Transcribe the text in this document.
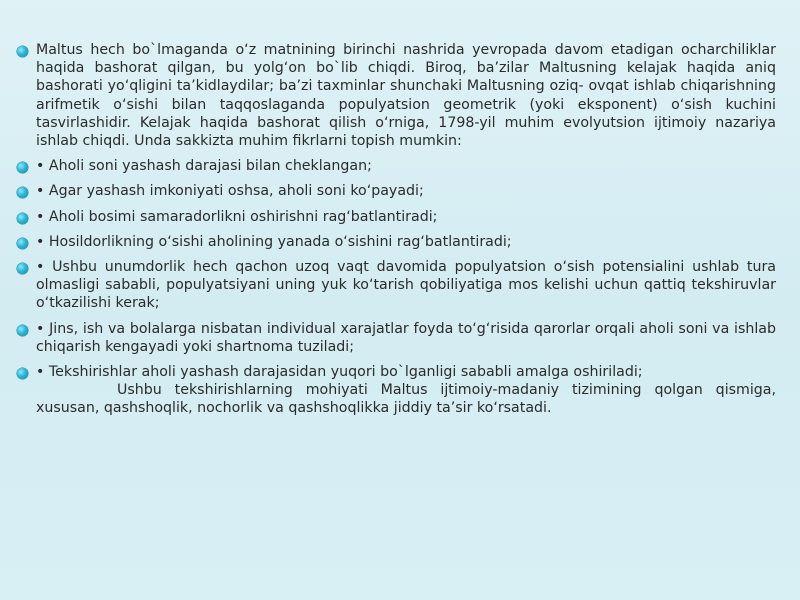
Maltus hech bo`lmaganda o‘z matnining birinchi nashrida yevropada davom etadigan ocharchiliklar haqida bashorat qilgan, bu yolg‘on bo`lib chiqdi. Biroq, ba’zilar Maltusning kelajak haqida aniq bashorati yo‘qligini ta’kidlaydilar; ba’zi taxminlar shunchaki Maltusning oziq- ovqat ishlab chiqarishning arifmetik o‘sishi bilan taqqoslaganda populyatsion geometrik (yoki eksponent) o‘sish kuchini tasvirlashidir. Kelajak haqida bashorat qilish o‘rniga, 1798-yil muhim evolyutsion ijtimoiy nazariya ishlab chiqdi. Unda sakkizta muhim fikrlarni topish mumkin:

• Aholi soni yashash darajasi bilan cheklangan;

• Agar yashash imkoniyati oshsa, aholi soni ko‘payadi;

• Aholi bosimi samaradorlikni oshirishni rag‘batlantiradi;

• Hosildorlikning o‘sishi aholining yanada o‘sishini rag‘batlantiradi;

• Ushbu unumdorlik hech qachon uzoq vaqt davomida populyatsion o‘sish potensialini ushlab tura olmasligi sababli, populyatsiyani uning yuk ko‘tarish qobiliyatiga mos kelishi uchun qattiq tekshiruvlar o‘tkazilishi kerak;

• Jins, ish va bolalarga nisbatan individual xarajatlar foyda to‘g‘risida qarorlar orqali aholi soni va ishlab chiqarish kengayadi yoki shartnoma tuziladi;

• Tekshirishlar aholi yashash darajasidan yuqori bo`lganligi sababli amalga oshiriladi;

Ushbu tekshirishlarning mohiyati Maltus ijtimoiy-madaniy tizimining qolgan qismiga, xususan, qashshoqlik, nochorlik va qashshoqlikka jiddiy ta’sir ko‘rsatadi.
